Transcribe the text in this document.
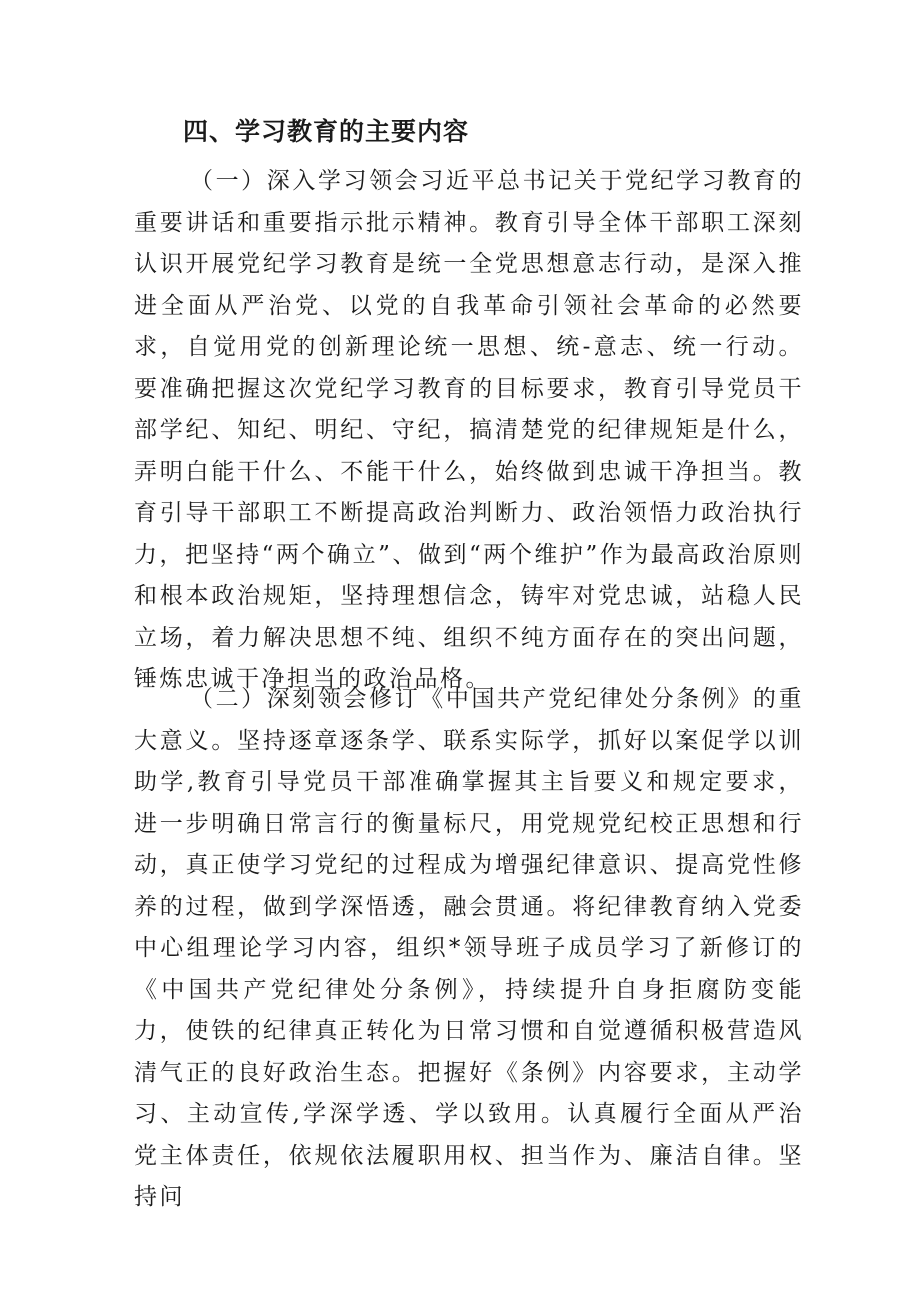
四、学习教育的主要内容
（一）深入学习领会习近平总书记关于党纪学习教育的重要讲话和重要指示批示精神。教育引导全体干部职工深刻认识开展党纪学习教育是统一全党思想意志行动，是深入推进全面从严治党、以党的自我革命引领社会革命的必然要求，自觉用党的创新理论统一思想、统-意志、统一行动。要准确把握这次党纪学习教育的目标要求，教育引导党员干部学纪、知纪、明纪、守纪，搞清楚党的纪律规矩是什么，弄明白能干什么、不能干什么，始终做到忠诚干净担当。教育引导干部职工不断提高政治判断力、政治领悟力政治执行力，把坚持“两个确立”、做到“两个维护”作为最高政治原则和根本政治规矩，坚持理想信念，铸牢对党忠诚，站稳人民立场，着力解决思想不纯、组织不纯方面存在的突出问题，锤炼忠诚干净担当的政治品格。
（二）深刻领会修订《中国共产党纪律处分条例》的重大意义。坚持逐章逐条学、联系实际学，抓好以案促学以训助学,教育引导党员干部准确掌握其主旨要义和规定要求，进一步明确日常言行的衡量标尺，用党规党纪校正思想和行动，真正使学习党纪的过程成为增强纪律意识、提高党性修养的过程，做到学深悟透，融会贯通。将纪律教育纳入党委中心组理论学习内容，组织*领导班子成员学习了新修订的《中国共产党纪律处分条例》，持续提升自身拒腐防变能力，使铁的纪律真正转化为日常习惯和自觉遵循积极营造风清气正的良好政治生态。把握好《条例》内容要求，主动学习、主动宣传,学深学透、学以致用。认真履行全面从严治党主体责任，依规依法履职用权、担当作为、廉洁自律。坚持问
